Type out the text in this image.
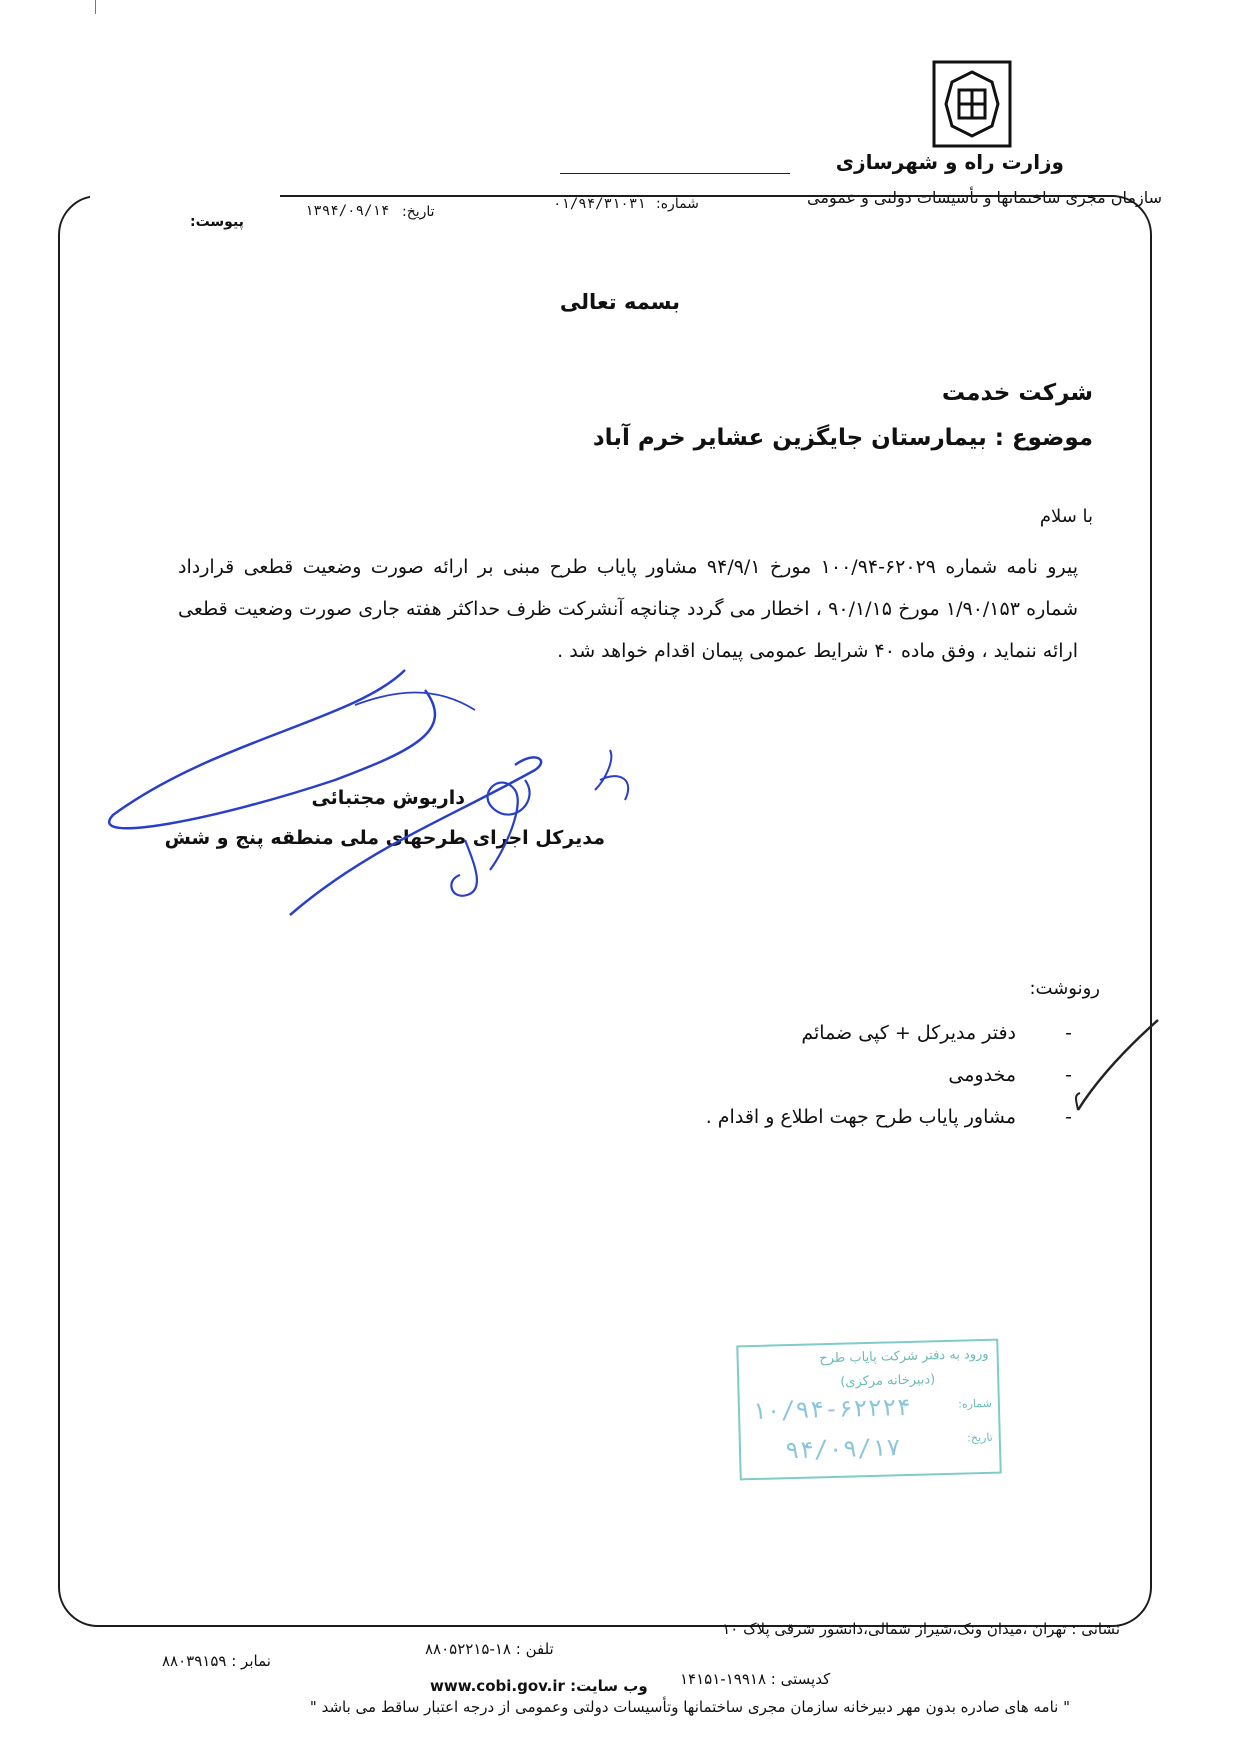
وزارت راه و شهرسازی
سازمان مجری ساختمانها و تأسیسات دولتی و عمومی
شماره:
۰۱/۹۴/۳۱۰۳۱
تاریخ:
۱۳۹۴/۰۹/۱۴
پیوست:
بسمه تعالی
شرکت خدمت
موضوع : بیمارستان جایگزین عشایر خرم آباد
با سلام
پیرو نامه شماره ۶۲۰۲۹-۱۰۰/۹۴ مورخ ۹۴/۹/۱ مشاور پایاب طرح مبنی بر ارائه صورت وضعیت قطعی قرارداد شماره ۱/۹۰/۱۵۳ مورخ ۹۰/۱/۱۵ ، اخطار می گردد چنانچه آنشرکت ظرف حداکثر هفته جاری صورت وضعیت قطعی ارائه ننماید ، وفق ماده ۴۰ شرایط عمومی پیمان اقدام خواهد شد .
داریوش مجتبائی
مدیرکل اجرای طرحهای ملی منطقه پنج و شش
رونوشت:
-
دفتر مدیرکل + کپی ضمائم
-
مخدومی
-
مشاور پایاب طرح جهت اطلاع و اقدام .
ورود به دفتر شرکت پایاب طرح
(دبیرخانه مرکزی)
شماره:
تاریخ:
۱۰/۹۴-۶۲۲۲۴
۹۴/۰۹/۱۷
نشانی : تهران ،میدان ونک،شیراز شمالی،دانشور شرقی پلاک ۱۰
تلفن : ۱۸-۸۸۰۵۲۲۱۵
نمابر : ۸۸۰۳۹۱۵۹
کدپستی : ۱۹۹۱۸-۱۴۱۵۱
وب سایت: www.cobi.gov.ir
" نامه های صادره بدون مهر دبیرخانه سازمان مجری ساختمانها وتأسیسات دولتی وعمومی از درجه اعتبار ساقط می باشد "
